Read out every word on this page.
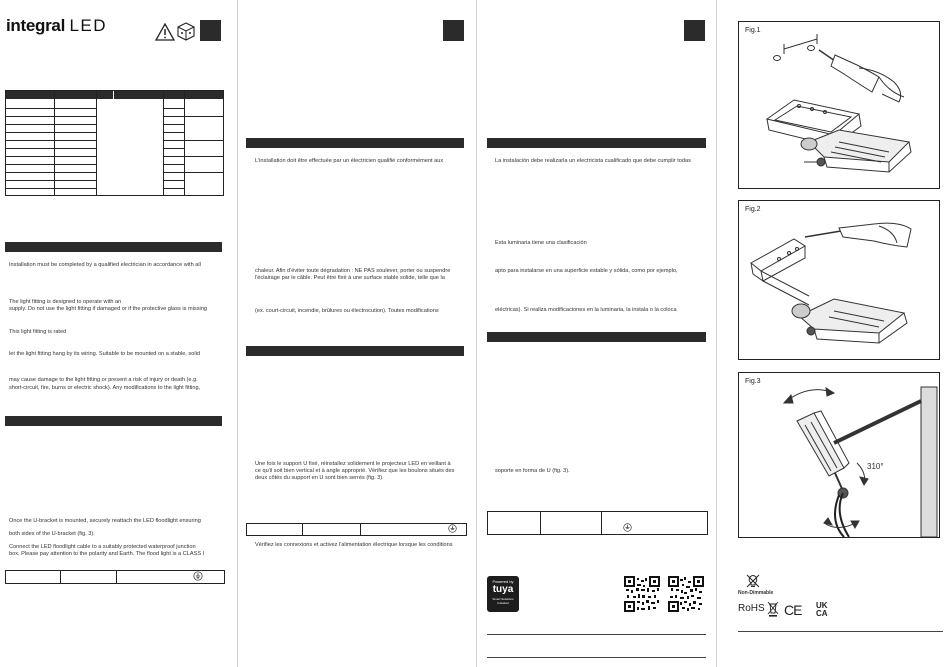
integral LED
Installation must be completed by a qualified electrician in accordance with all
The light fitting is designed to operate with an
supply. Do not use the light fitting if damaged or if the protective glass is missing
This light fitting is rated
let the light fitting hang by its wiring. Suitable to be mounted on a stable, solid
may cause damage to the light fitting or present a risk of injury or death (e.g.
short-circuit, fire, burns or electric shock). Any modifications to the light fitting,
Once the U-bracket is mounted, securely reattach the LED floodlight ensuring
both sides of the U-bracket (fig. 3).
Connect the LED floodlight cable to a suitably protected waterproof junction
box. Please pay attention to the polarity and Earth. The flood light is a CLASS I
L'installation doit être effectuée par un électricien qualifié conformément aux
chaleur. Afin d'éviter toute dégradation : NE PAS soulever, porter ou suspendre
l'éclairage par le câble. Peut être fixé à une surface stable solide, telle que la
(ex. court-circuit, incendie, brûlures ou électrocution). Toutes modifications
Une fois le support U fixé, réinstallez solidement le projecteur LED en veillant à
ce qu'il soit bien vertical et à angle approprié. Vérifiez que les boulons situés des
deux côtés du support en U sont bien serrés (fig. 3).
Vérifiez les connexions et activez l'alimentation électrique lorsque les conditions
La instalación debe realizarla un electricista cualificado que debe cumplir todas
Esta luminaria tiene una clasificación
apto para instalarse en una superficie estable y sólida, como por ejemplo,
eléctricas). Si realiza modificaciones en la luminaria, la instala o la coloca
soporte en forma de U (fig. 3).
Powered by
tuya
Smart Solutions Included
Fig.1
Fig.2
Fig.3
310°
Non-Dimmable
RoHS CE UK
CA
